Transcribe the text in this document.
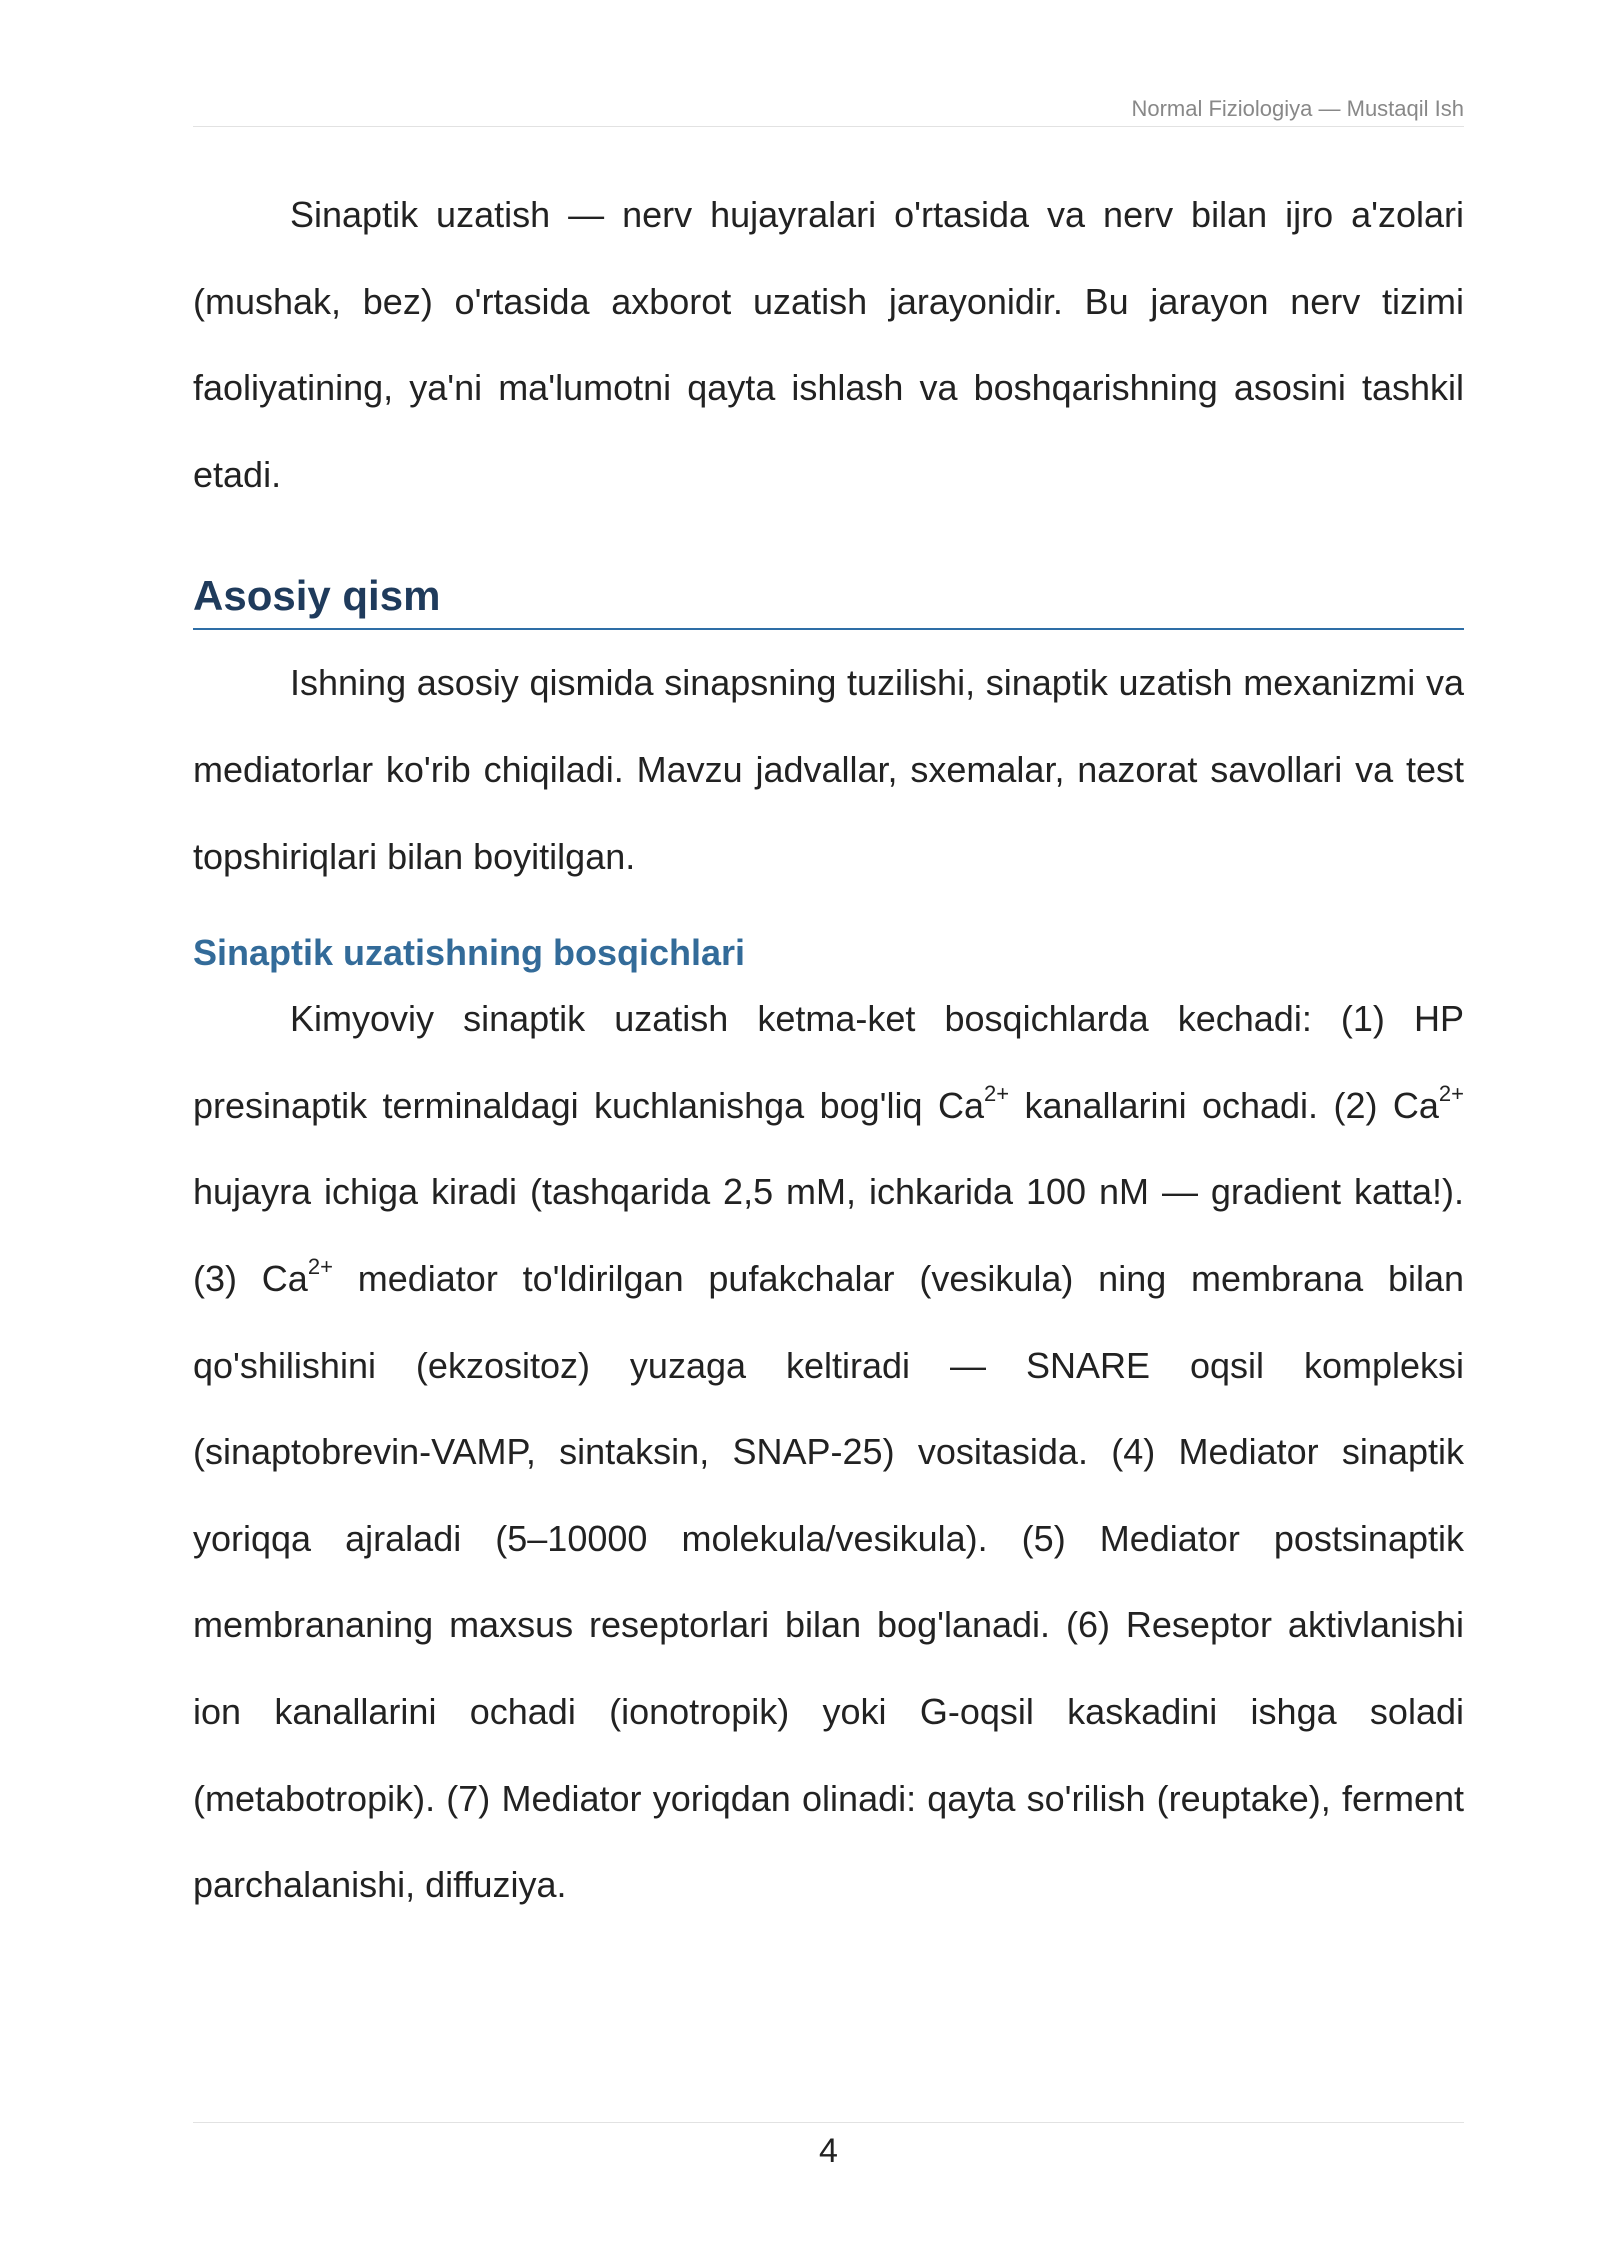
Normal Fiziologiya — Mustaqil Ish

Sinaptik uzatish — nerv hujayralari o'rtasida va nerv bilan ijro a'zolari (mushak, bez) o'rtasida axborot uzatish jarayonidir. Bu jarayon nerv tizimi faoliyatining, ya'ni ma'lumotni qayta ishlash va boshqarishning asosini tashkil etadi.

Asosiy qism

Ishning asosiy qismida sinapsning tuzilishi, sinaptik uzatish mexanizmi va mediatorlar ko'rib chiqiladi. Mavzu jadvallar, sxemalar, nazorat savollari va test topshiriqlari bilan boyitilgan.

Sinaptik uzatishning bosqichlari

Kimyoviy sinaptik uzatish ketma-ket bosqichlarda kechadi: (1) HP presinaptik terminaldagi kuchlanishga bog'liq $Ca^{2+}$ kanallarini ochadi. (2) $Ca^{2+}$ hujayra ichiga kiradi (tashqarida 2,5 mM, ichkarida 100 nM — gradient katta!). (3) $Ca^{2+}$ mediator to'ldirilgan pufakchalar (vesikula) ning membrana bilan qo'shilishini (ekzositoz) yuzaga keltiradi — SNARE oqsil kompleksi (sinaptobrevin-VAMP, sintaksin, SNAP-25) vositasida. (4) Mediator sinaptik yoriqqa ajraladi (5–10000 molekula/vesikula). (5) Mediator postsinaptik membrananing maxsus reseptorlari bilan bog'lanadi. (6) Reseptor aktivlanishi ion kanallarini ochadi (ionotropik) yoki G-oqsil kaskadini ishga soladi (metabotropik). (7) Mediator yoriqdan olinadi: qayta so'rilish (reuptake), ferment parchalanishi, diffuziya.

4
